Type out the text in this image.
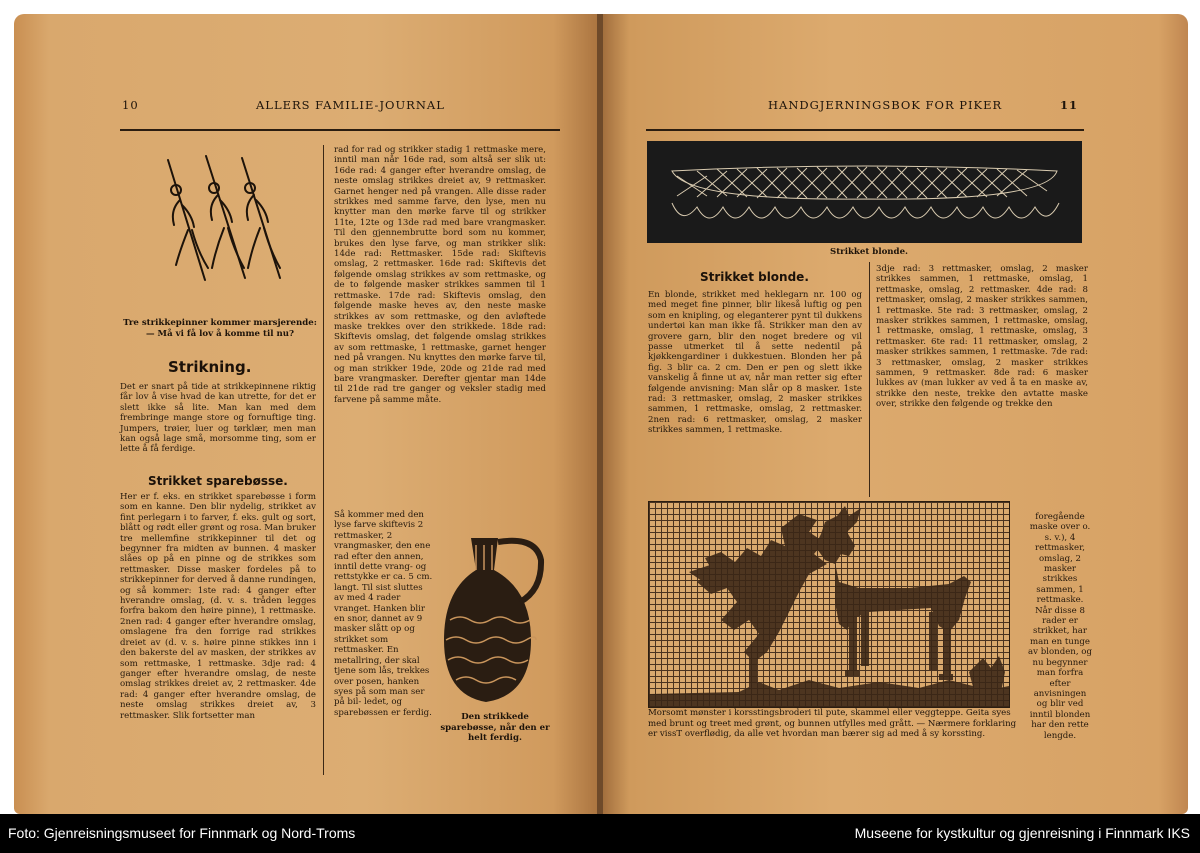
10	ALLERS FAMILIE-JOURNAL
Tre strikkepinner kommer marsjerende: — Må vi få lov å komme til nu?
Strikning.
Det er snart på tide at strikkepinnene riktig får lov å vise hvad de kan utrette, for det er slett ikke så lite. Man kan med dem frembringe mange store og fornuftige ting. Jumpers, trøier, luer og tørklær, men man kan også lage små, morsomme ting, som er lette å få ferdige.
Strikket sparebøsse.
Her er f. eks. en strikket sparebøsse i form som en kanne. Den blir nydelig, strikket av fint perlegarn i to farver, f. eks. gult og sort, blått og rødt eller grønt og rosa. Man bruker tre mellemfine strikkepinner til det og begynner fra midten av bunnen. 4 masker slåes op på en pinne og de strikkes som rettmasker. Disse masker fordeles på to strikkepinner for derved å danne rundingen, og så kommer: 1ste rad: 4 ganger efter hverandre omslag, (d. v. s. tråden legges forfra bakom den høire pinne), 1 rettmaske. 2nen rad: 4 ganger efter hverandre omslag, omslagene fra den forrige rad strikkes dreiet av (d. v. s. høire pinne stikkes inn i den bakerste del av masken, der strikkes av som rettmaske, 1 rettmaske. 3dje rad: 4 ganger efter hverandre omslag, de neste omslag strikkes dreiet av, 2 rettmasker. 4de rad: 4 ganger efter hverandre omslag, de neste omslag strikkes dreiet av, 3 rettmasker. Slik fortsetter man
rad for rad og strikker stadig 1 rettmaske mere, inntil man når 16de rad, som altså ser slik ut: 16de rad: 4 ganger efter hverandre omslag, de neste omslag strikkes dreiet av, 9 rettmasker. Garnet henger ned på vrangen. Alle disse rader strikkes med samme farve, den lyse, men nu knytter man den mørke farve til og strikker 11te, 12te og 13de rad med bare vrangmasker. Til den gjennembrutte bord som nu kommer, brukes den lyse farve, og man strikker slik: 14de rad: Rettmasker. 15de rad: Skiftevis omslag, 2 rettmasker. 16de rad: Skiftevis det følgende omslag strikkes av som rettmaske, og de to følgende masker strikkes sammen til 1 rettmaske. 17de rad: Skiftevis omslag, den følgende maske heves av, den neste maske strikkes av som rettmaske, og den avløftede maske trekkes over den strikkede. 18de rad: Skiftevis omslag, det følgende omslag strikkes av som rettmaske, 1 rettmaske, garnet henger ned på vrangen. Nu knyttes den mørke farve til, og man strikker 19de, 20de og 21de rad med bare vrangmasker. Derefter gjentar man 14de til 21de rad tre ganger og veksler stadig med farvene på samme måte.
Så kommer med den lyse farve skiftevis 2 rettmasker, 2 vrangmasker, den ene rad efter den annen, inntil dette vrang- og rettstykke er ca. 5 cm. langt. Til sist sluttes av med 4 rader vranget. Hanken blir en snor, dannet av 9 masker slått op og strikket som rettmasker. En metallring, der skal tjene som lås, trekkes over posen, hanken syes på som man ser på bil- ledet, og sparebøssen er ferdig.	Den strikkede sparebøsse, når den er helt ferdig.
HANDGJERNINGSBOK FOR PIKER	11
Strikket blonde.
Strikket blonde.
En blonde, strikket med heklegarn nr. 100 og med meget fine pinner, blir likeså luftig og pen som en knipling, og eleganterer pynt til dukkens undertøi kan man ikke få. Strikker man den av grovere garn, blir den noget bredere og vil passe utmerket til å sette nedentil på kjøkkengardiner i dukkestuen. Blonden her på fig. 3 blir ca. 2 cm. Den er pen og slett ikke vanskelig å finne ut av, når man retter sig efter følgende anvisning: Man slår op 8 masker. 1ste rad: 3 rettmasker, omslag, 2 masker strikkes sammen, 1 rettmaske, omslag, 2 rettmasker. 2nen rad: 6 rettmasker, omslag, 2 masker strikkes sammen, 1 rettmaske.
3dje rad: 3 rettmasker, omslag, 2 masker strikkes sammen, 1 rettmaske, omslag, 1 rettmaske, omslag, 2 rettmasker. 4de rad: 8 rettmasker, omslag, 2 masker strikkes sammen, 1 rettmaske. 5te rad: 3 rettmasker, omslag, 2 masker strikkes sammen, 1 rettmaske, omslag, 1 rettmaske, omslag, 1 rettmaske, omslag, 3 rettmasker. 6te rad: 11 rettmasker, omslag, 2 masker strikkes sammen, 1 rettmaske. 7de rad: 3 rettmasker, omslag, 2 masker strikkes sammen, 9 rettmasker. 8de rad: 6 masker lukkes av (man lukker av ved å ta en maske av, strikke den neste, trekke den avtatte maske over, strikke den følgende og trekke den
foregående maske over o. s. v.), 4 rettmasker, omslag, 2 masker strikkes sammen, 1 rettmaske. Når disse 8 rader er strikket, har man en tunge av blonden, og nu begynner man forfra efter anvisningen og blir ved inntil blonden har den rette lengde.
Morsomt mønster i korsstingsbroderi til pute, skammel eller veggteppe. Geita syes med brunt og treet med grønt, og bunnen utfylles med grått. — Nærmere forklaring er vissT overflødig, da alle vet hvordan man bærer sig ad med å sy korssting.
Foto: Gjenreisningsmuseet for Finnmark og Nord-Troms	Museene for kystkultur og gjenreisning i Finnmark IKS
